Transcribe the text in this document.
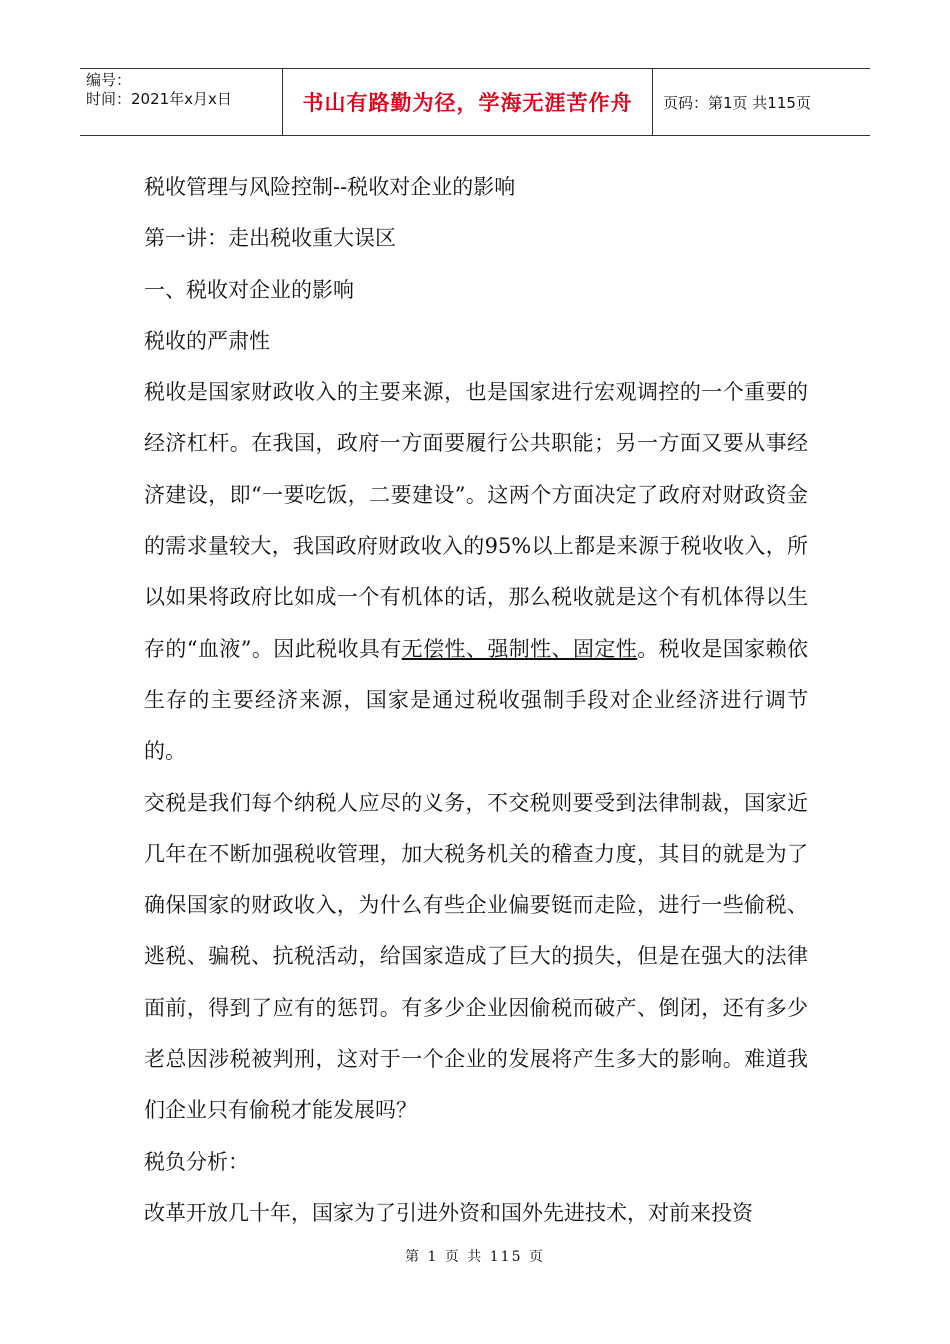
编号：
时间：2021年x月x日	书山有路勤为径，学海无涯苦作舟	页码：第1页 共115页

税收管理与风险控制--税收对企业的影响

第一讲：走出税收重大误区

一、税收对企业的影响

税收的严肃性

税收是国家财政收入的主要来源，也是国家进行宏观调控的一个重要的经济杠杆。在我国，政府一方面要履行公共职能；另一方面又要从事经济建设，即“一要吃饭，二要建设”。这两个方面决定了政府对财政资金的需求量较大，我国政府财政收入的95%以上都是来源于税收收入，所以如果将政府比如成一个有机体的话，那么税收就是这个有机体得以生存的“血液”。因此税收具有无偿性、强制性、固定性。税收是国家赖依生存的主要经济来源，国家是通过税收强制手段对企业经济进行调节的。

交税是我们每个纳税人应尽的义务，不交税则要受到法律制裁，国家近几年在不断加强税收管理，加大税务机关的稽查力度，其目的就是为了确保国家的财政收入，为什么有些企业偏要铤而走险，进行一些偷税、逃税、骗税、抗税活动，给国家造成了巨大的损失，但是在强大的法律面前，得到了应有的惩罚。有多少企业因偷税而破产、倒闭，还有多少老总因涉税被判刑，这对于一个企业的发展将产生多大的影响。难道我们企业只有偷税才能发展吗？

税负分析：

改革开放几十年，国家为了引进外资和国外先进技术，对前来投资

第 1 页 共 115 页
